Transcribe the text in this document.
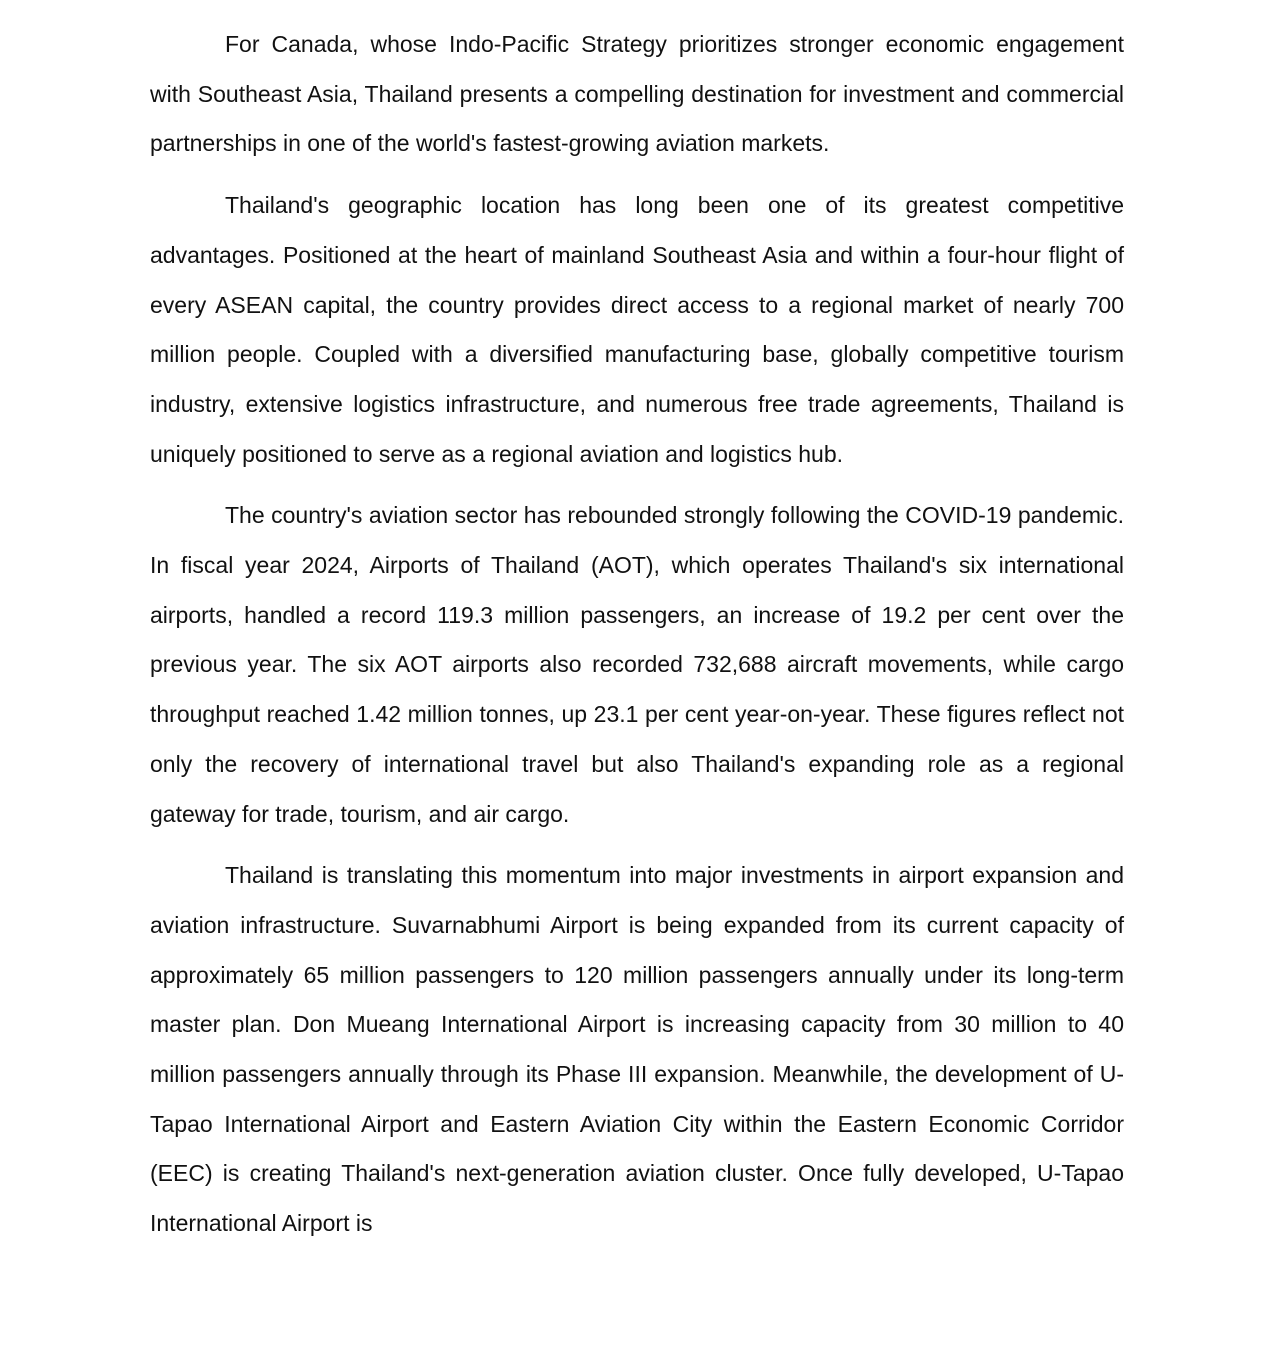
For Canada, whose Indo-Pacific Strategy prioritizes stronger economic engagement with Southeast Asia, Thailand presents a compelling destination for investment and commercial partnerships in one of the world's fastest-growing aviation markets.

Thailand's geographic location has long been one of its greatest competitive advantages. Positioned at the heart of mainland Southeast Asia and within a four-hour flight of every ASEAN capital, the country provides direct access to a regional market of nearly 700 million people. Coupled with a diversified manufacturing base, globally competitive tourism industry, extensive logistics infrastructure, and numerous free trade agreements, Thailand is uniquely positioned to serve as a regional aviation and logistics hub.

The country's aviation sector has rebounded strongly following the COVID-19 pandemic. In fiscal year 2024, Airports of Thailand (AOT), which operates Thailand's six international airports, handled a record 119.3 million passengers, an increase of 19.2 per cent over the previous year. The six AOT airports also recorded 732,688 aircraft movements, while cargo throughput reached 1.42 million tonnes, up 23.1 per cent year-on-year. These figures reflect not only the recovery of international travel but also Thailand's expanding role as a regional gateway for trade, tourism, and air cargo.

Thailand is translating this momentum into major investments in airport expansion and aviation infrastructure. Suvarnabhumi Airport is being expanded from its current capacity of approximately 65 million passengers to 120 million passengers annually under its long-term master plan. Don Mueang International Airport is increasing capacity from 30 million to 40 million passengers annually through its Phase III expansion. Meanwhile, the development of U-Tapao International Airport and Eastern Aviation City within the Eastern Economic Corridor (EEC) is creating Thailand's next-generation aviation cluster. Once fully developed, U-Tapao International Airport is
